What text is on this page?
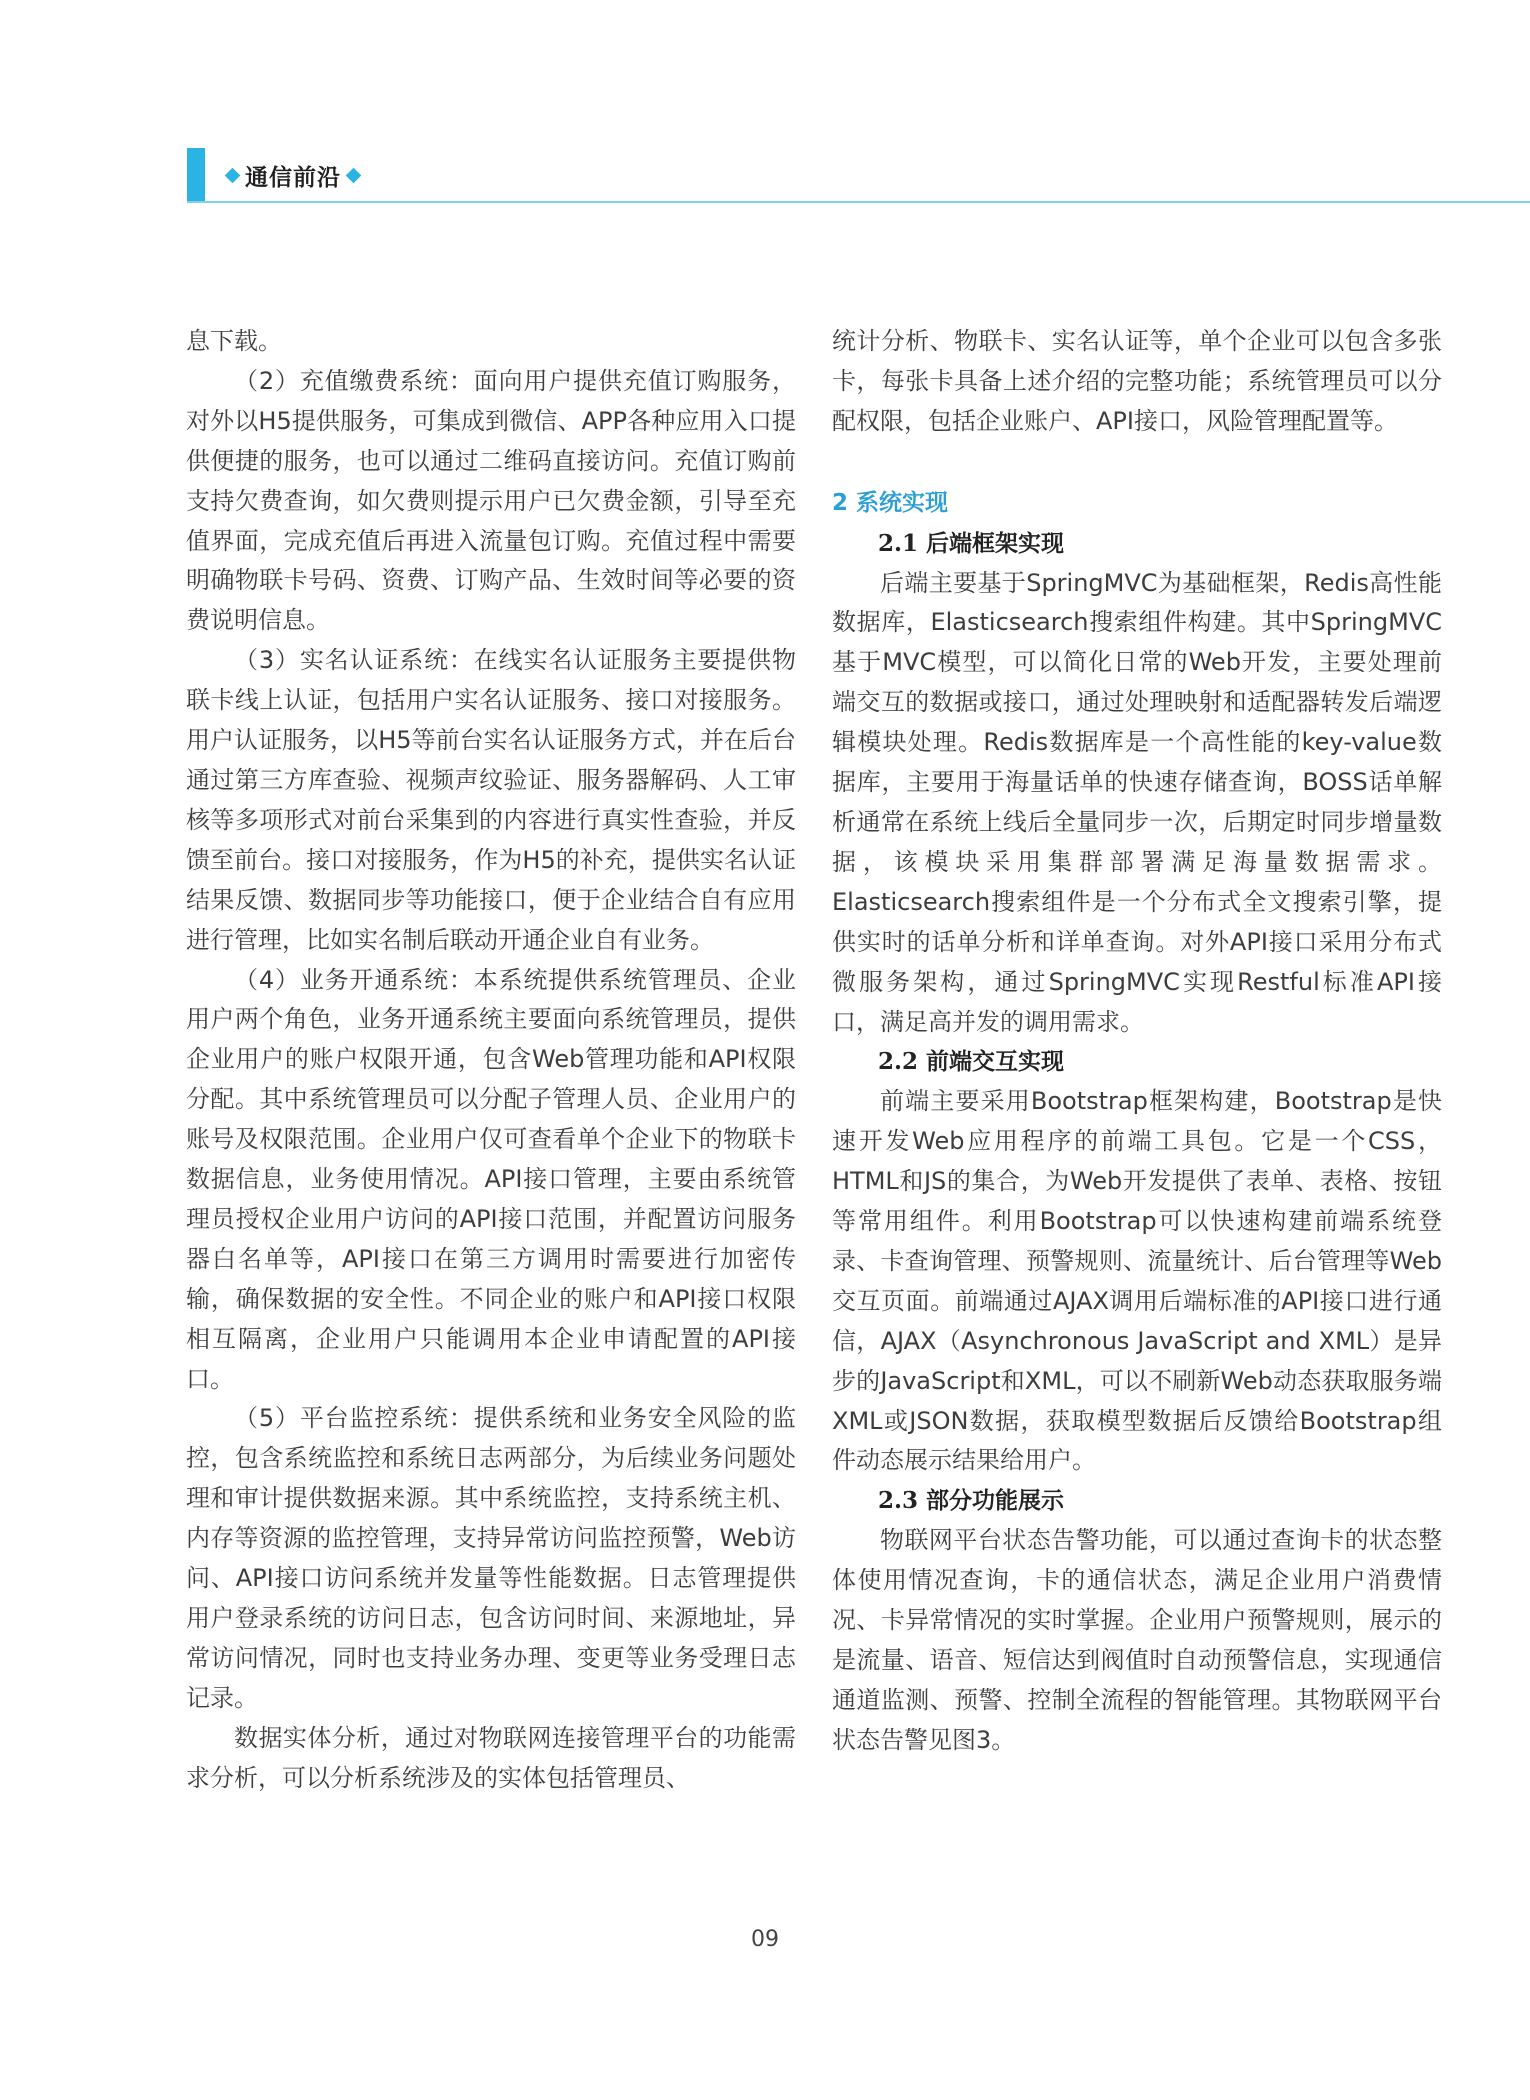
通信前沿

息下载。

（2）充值缴费系统：面向用户提供充值订购服务，对外以H5提供服务，可集成到微信、APP各种应用入口提供便捷的服务，也可以通过二维码直接访问。充值订购前支持欠费查询，如欠费则提示用户已欠费金额，引导至充值界面，完成充值后再进入流量包订购。充值过程中需要明确物联卡号码、资费、订购产品、生效时间等必要的资费说明信息。

（3）实名认证系统：在线实名认证服务主要提供物联卡线上认证，包括用户实名认证服务、接口对接服务。用户认证服务，以H5等前台实名认证服务方式，并在后台通过第三方库查验、视频声纹验证、服务器解码、人工审核等多项形式对前台采集到的内容进行真实性查验，并反馈至前台。接口对接服务，作为H5的补充，提供实名认证结果反馈、数据同步等功能接口，便于企业结合自有应用进行管理，比如实名制后联动开通企业自有业务。

（4）业务开通系统：本系统提供系统管理员、企业用户两个角色，业务开通系统主要面向系统管理员，提供企业用户的账户权限开通，包含Web管理功能和API权限分配。其中系统管理员可以分配子管理人员、企业用户的账号及权限范围。企业用户仅可查看单个企业下的物联卡数据信息，业务使用情况。API接口管理，主要由系统管理员授权企业用户访问的API接口范围，并配置访问服务器白名单等，API接口在第三方调用时需要进行加密传输，确保数据的安全性。不同企业的账户和API接口权限相互隔离，企业用户只能调用本企业申请配置的API接口。

（5）平台监控系统：提供系统和业务安全风险的监控，包含系统监控和系统日志两部分，为后续业务问题处理和审计提供数据来源。其中系统监控，支持系统主机、内存等资源的监控管理，支持异常访问监控预警，Web访问、API接口访问系统并发量等性能数据。日志管理提供用户登录系统的访问日志，包含访问时间、来源地址，异常访问情况，同时也支持业务办理、变更等业务受理日志记录。

数据实体分析，通过对物联网连接管理平台的功能需求分析，可以分析系统涉及的实体包括管理员、

统计分析、物联卡、实名认证等，单个企业可以包含多张卡，每张卡具备上述介绍的完整功能；系统管理员可以分配权限，包括企业账户、API接口，风险管理配置等。

2 系统实现

2.1 后端框架实现

后端主要基于SpringMVC为基础框架，Redis高性能数据库，Elasticsearch搜索组件构建。其中SpringMVC基于MVC模型，可以简化日常的Web开发，主要处理前端交互的数据或接口，通过处理映射和适配器转发后端逻辑模块处理。Redis数据库是一个高性能的key-value数据库，主要用于海量话单的快速存储查询，BOSS话单解析通常在系统上线后全量同步一次，后期定时同步增量数据，该模块采用集群部署满足海量数据需求。Elasticsearch搜索组件是一个分布式全文搜索引擎，提供实时的话单分析和详单查询。对外API接口采用分布式微服务架构，通过SpringMVC实现Restful标准API接口，满足高并发的调用需求。

2.2 前端交互实现

前端主要采用Bootstrap框架构建，Bootstrap是快速开发Web应用程序的前端工具包。它是一个CSS，HTML和JS的集合，为Web开发提供了表单、表格、按钮等常用组件。利用Bootstrap可以快速构建前端系统登录、卡查询管理、预警规则、流量统计、后台管理等Web交互页面。前端通过AJAX调用后端标准的API接口进行通信，AJAX（Asynchronous JavaScript and XML）是异步的JavaScript和XML，可以不刷新Web动态获取服务端XML或JSON数据，获取模型数据后反馈给Bootstrap组件动态展示结果给用户。

2.3 部分功能展示

物联网平台状态告警功能，可以通过查询卡的状态整体使用情况查询，卡的通信状态，满足企业用户消费情况、卡异常情况的实时掌握。企业用户预警规则，展示的是流量、语音、短信达到阀值时自动预警信息，实现通信通道监测、预警、控制全流程的智能管理。其物联网平台状态告警见图3。

09
